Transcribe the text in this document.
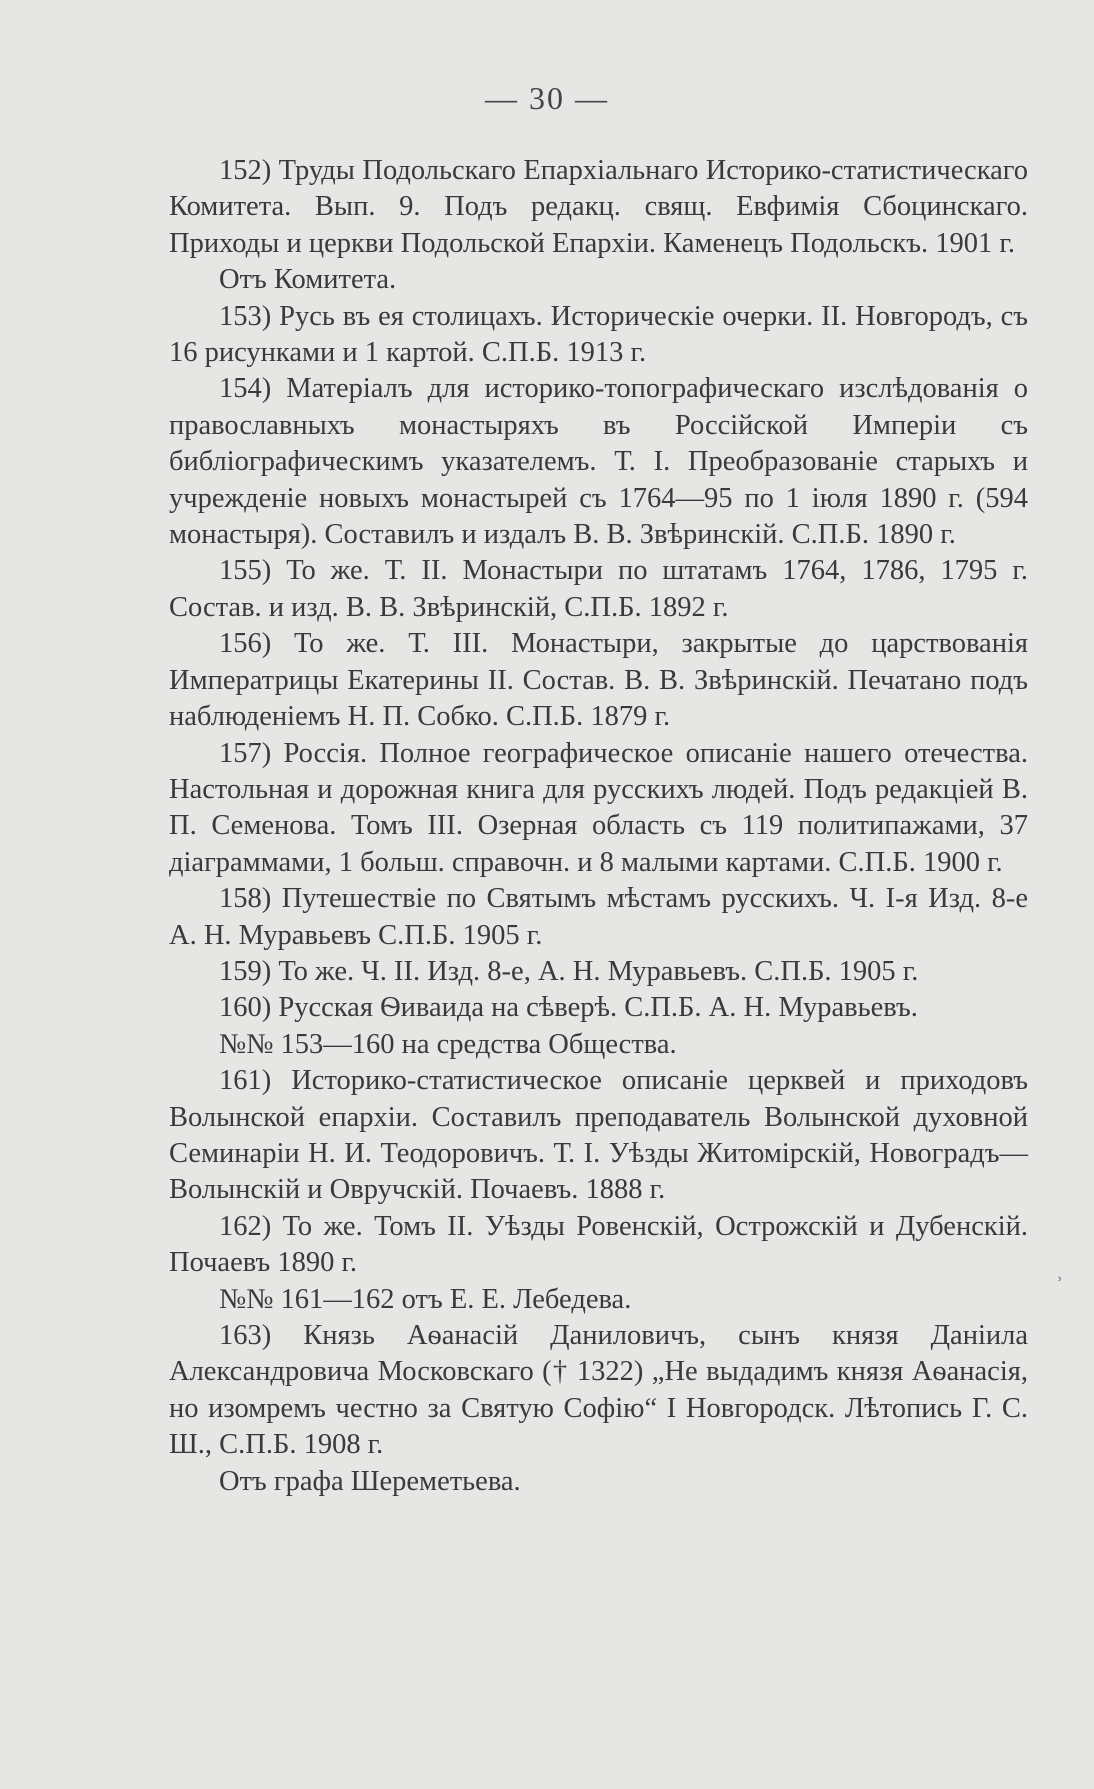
— 30 —

152) Труды Подольскаго Епархіальнаго Историко-статистическаго Комитета. Вып. 9. Подъ редакц. свящ. Евфимія Сбоцинскаго. Приходы и церкви Подольской Епархіи. Каменецъ Подольскъ. 1901 г.

Отъ Комитета.

153) Русь въ ея столицахъ. Историческіе очерки. II. Новгородъ, съ 16 рисунками и 1 картой. С.П.Б. 1913 г.

154) Матеріалъ для историко-топографическаго изслѣдованія о православныхъ монастыряхъ въ Россійской Имперіи съ библіографическимъ указателемъ. Т. I. Преобразованіе старыхъ и учрежденіе новыхъ монастырей съ 1764—95 по 1 іюля 1890 г. (594 монастыря). Составилъ и издалъ В. В. Звѣринскій. С.П.Б. 1890 г.

155) То же. Т. II. Монастыри по штатамъ 1764, 1786, 1795 г. Состав. и изд. В. В. Звѣринскій, С.П.Б. 1892 г.

156) То же. Т. III. Монастыри, закрытые до царствованія Императрицы Екатерины II. Состав. В. В. Звѣринскій. Печатано подъ наблюденіемъ Н. П. Собко. С.П.Б. 1879 г.

157) Россія. Полное географическое описаніе нашего отечества. Настольная и дорожная книга для русскихъ людей. Подъ редакціей В. П. Семенова. Томъ III. Озерная область съ 119 политипажами, 37 діаграммами, 1 больш. справочн. и 8 малыми картами. С.П.Б. 1900 г.

158) Путешествіе по Святымъ мѣстамъ русскихъ. Ч. I-я Изд. 8-е А. Н. Муравьевъ С.П.Б. 1905 г.

159) То же. Ч. II. Изд. 8-е, А. Н. Муравьевъ. С.П.Б. 1905 г.

160) Русская Ѳиваида на сѣверѣ. С.П.Б. А. Н. Муравьевъ.

№№ 153—160 на средства Общества.

161) Историко-статистическое описаніе церквей и приходовъ Волынской епархіи. Составилъ преподаватель Волынской духовной Семинаріи Н. И. Теодоровичъ. Т. I. Уѣзды Житомірскій, Новоградъ—Волынскій и Овручскій. Почаевъ. 1888 г.

162) То же. Томъ II. Уѣзды Ровенскій, Острожскій и Дубенскій. Почаевъ 1890 г.

№№ 161—162 отъ Е. Е. Лебедева.

163) Князь Аѳанасій Даниловичъ, сынъ князя Даніила Александровича Московскаго († 1322) „Не выдадимъ князя Аѳанасія, но изомремъ честно за Святую Софію“ I Новгородск. Лѣтопись Г. С. Ш., С.П.Б. 1908 г.

Отъ графа Шереметьева.

˒
